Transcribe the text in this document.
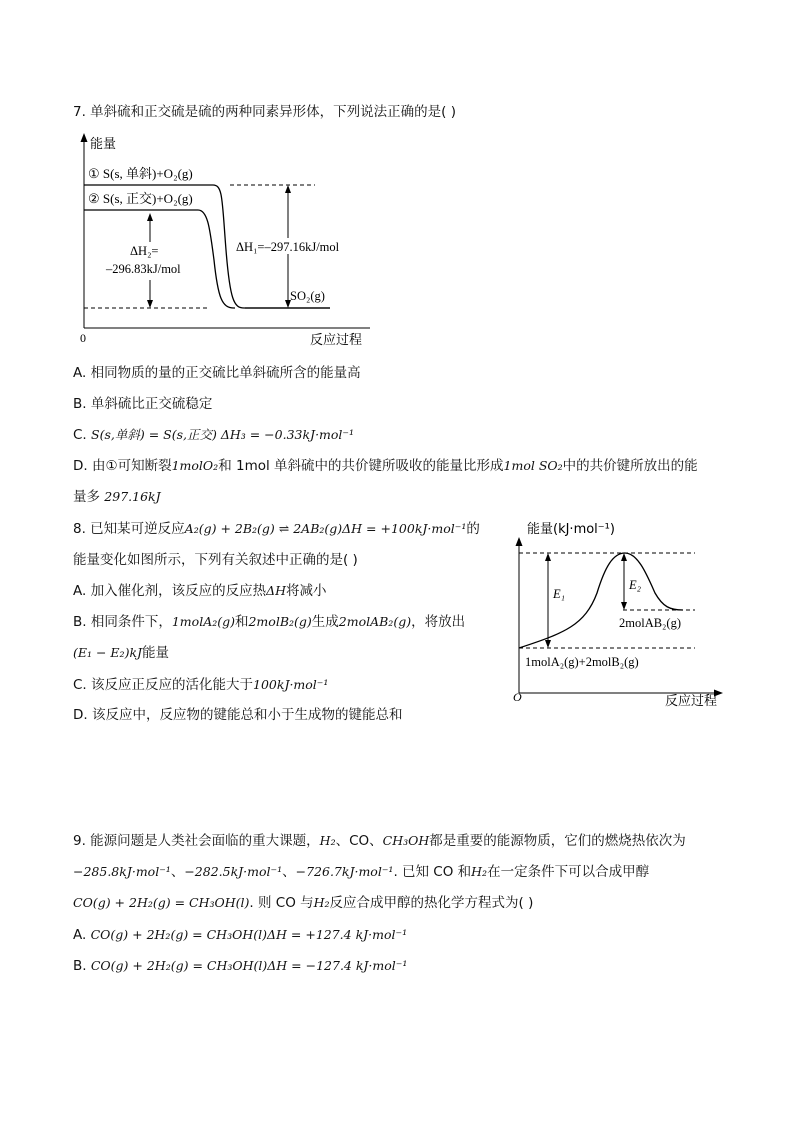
7. 单斜硫和正交硫是硫的两种同素异形体，下列说法正确的是( )
能量
0	反应过程
① S(s, 单斜)+O₂(g)
② S(s, 正交)+O₂(g)
ΔH₂=
–296.83kJ/mol
ΔH₁=–297.16kJ/mol
SO₂(g)
A. 相同物质的量的正交硫比单斜硫所含的能量高
B. 单斜硫比正交硫稳定
C. S(s,单斜) = S(s,正交) ΔH₃ = −0.33kJ·mol⁻¹
D. 由①可知断裂1molO₂和 1mol 单斜硫中的共价键所吸收的能量比形成1mol SO₂中的共价键所放出的能
量多 297.16kJ
8. 已知某可逆反应A₂(g) + 2B₂(g) ⇌ 2AB₂(g)ΔH = +100kJ·mol⁻¹的
能量变化如图所示，下列有关叙述中正确的是( )
A. 加入催化剂，该反应的反应热ΔH将减小
B. 相同条件下，1molA₂(g)和2molB₂(g)生成2molAB₂(g)，将放出
(E₁ − E₂)kJ能量
C. 该反应正反应的活化能大于100kJ·mol⁻¹
D. 该反应中，反应物的键能总和小于生成物的键能总和
能量(kJ·mol⁻¹)
O	反应过程
E₁
E₂
2molAB₂(g)
1molA₂(g)+2molB₂(g)
9. 能源问题是人类社会面临的重大课题，H₂、CO、CH₃OH都是重要的能源物质，它们的燃烧热依次为
−285.8kJ·mol⁻¹、−282.5kJ·mol⁻¹、−726.7kJ·mol⁻¹. 已知 CO 和H₂在一定条件下可以合成甲醇
CO(g) + 2H₂(g) = CH₃OH(l). 则 CO 与H₂反应合成甲醇的热化学方程式为( )
A. CO(g) + 2H₂(g) = CH₃OH(l)ΔH = +127.4 kJ·mol⁻¹
B. CO(g) + 2H₂(g) = CH₃OH(l)ΔH = −127.4 kJ·mol⁻¹
